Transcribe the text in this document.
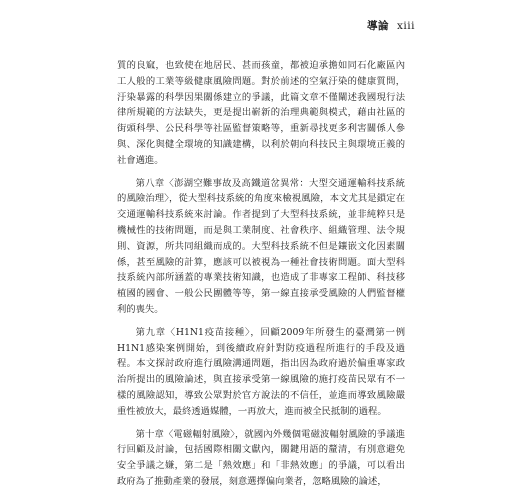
導論 xiii

質的良窳，也致使在地居民、甚而孩童，都被迫承擔如同石化廠區內工人般的工業等級健康風險問題。對於前述的空氣汙染的健康質問，汙染暴露的科學因果關係建立的爭議，此篇文章不僅闡述我國現行法律所規範的方法缺失，更是提出嶄新的治理典範與模式，藉由社區的街頭科學、公民科學等社區監督策略等，重新尋找更多利害關係人參與、深化與健全環境的知識建構，以利於朝向科技民主與環境正義的社會邁進。

第八章〈澎湖空難事故及高鐵道岔異常：大型交通運輸科技系統的風險治理〉，從大型科技系統的角度來檢視風險，本文尤其是鎖定在交通運輸科技系統來討論。作者提到了大型科技系統，並非純粹只是機械性的技術問題，而是與工業制度、社會秩序、組織管理、法令規則、資源，所共同組織而成的。大型科技系統不但是鑲嵌文化因素關係，甚至風險的計算，應該可以被視為一種社會技術問題。面大型科技系統內部所涵蓋的專業技術知識，也造成了非專家工程師、科技移植國的國會、一般公民團體等等，第一線直接承受風險的人們監督權利的喪失。

第九章〈H1N1疫苗接種〉，回顧2009年所發生的臺灣第一例H1N1感染案例開始，到後續政府針對防疫過程所進行的手段及過程。本文探討政府進行風險溝通問題，指出因為政府過於偏重專家政治所提出的風險論述，與直接承受第一線風險的施打疫苗民眾有不一樣的風險認知，導致公眾對於官方說法的不信任，並進而導致風險嚴重性被放大，最終透過媒體，一再放大，進而被全民抵制的過程。

第十章〈電磁輻射風險〉，就國內外幾個電磁波輻射風險的爭議進行回顧及討論，包括國際相關文獻內，關鍵用語的釐清，有別意避免安全爭議之嫌，第二是「熱效應」和「非熱效應」的爭議，可以看出政府為了推動產業的發展，刻意選擇偏向業者，忽略風險的論述，
